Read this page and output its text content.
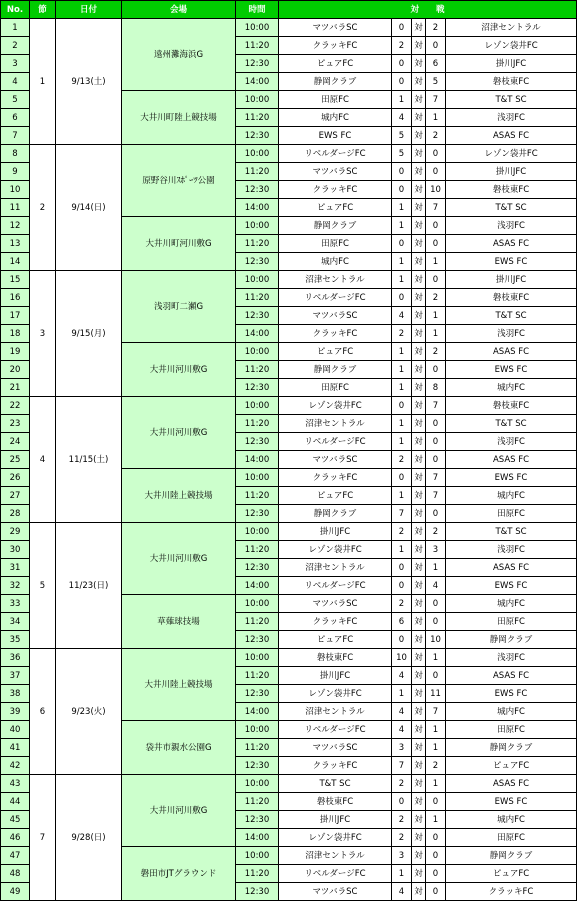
No.	節	日付	会場	時間	対　　戦				
1	1	9/13(土)	遠州灘海浜G	10:00	マツバラSC	0	対	2	沼津セントラル
2				11:20	クラッキFC	2	対	0	レゾン袋井FC
3				12:30	ピュアFC	0	対	6	掛川JFC
4				14:00	静岡クラブ	0	対	5	磐枝東FC
5			大井川町陸上競技場	10:00	田原FC	1	対	7	T&T SC
6				11:20	城内FC	4	対	1	浅羽FC
7				12:30	EWS FC	5	対	2	ASAS FC
8	2	9/14(日)	原野谷川ｽﾎﾟｰﾂ公園	10:00	リベルダージFC	5	対	0	レゾン袋井FC
9				11:20	マツバラSC	0	対	0	掛川JFC
10				12:30	クラッキFC	0	対	10	磐枝東FC
11				14:00	ピュアFC	1	対	7	T&T SC
12			大井川町河川敷G	10:00	静岡クラブ	1	対	0	浅羽FC
13				11:20	田原FC	0	対	0	ASAS FC
14				12:30	城内FC	1	対	1	EWS FC
15	3	9/15(月)	浅羽町二瀬G	10:00	沼津セントラル	1	対	0	掛川JFC
16				11:20	リベルダージFC	0	対	2	磐枝東FC
17				12:30	マツバラSC	4	対	1	T&T SC
18				14:00	クラッキFC	2	対	1	浅羽FC
19			大井川河川敷G	10:00	ピュアFC	1	対	2	ASAS FC
20				11:20	静岡クラブ	1	対	0	EWS FC
21				12:30	田原FC	1	対	8	城内FC
22	4	11/15(土)	大井川河川敷G	10:00	レゾン袋井FC	0	対	7	磐枝東FC
23				11:20	沼津セントラル	1	対	0	T&T SC
24				12:30	リベルダージFC	1	対	0	浅羽FC
25				14:00	マツバラSC	2	対	0	ASAS FC
26			大井川陸上競技場	10:00	クラッキFC	0	対	7	EWS FC
27				11:20	ピュアFC	1	対	7	城内FC
28				12:30	静岡クラブ	7	対	0	田原FC
29	5	11/23(日)	大井川河川敷G	10:00	掛川JFC	2	対	2	T&T SC
30				11:20	レゾン袋井FC	1	対	3	浅羽FC
31				12:30	沼津セントラル	0	対	1	ASAS FC
32				14:00	リベルダージFC	0	対	4	EWS FC
33			草薙球技場	10:00	マツバラSC	2	対	0	城内FC
34				11:20	クラッキFC	6	対	0	田原FC
35				12:30	ピュアFC	0	対	10	静岡クラブ
36	6	9/23(火)	大井川陸上競技場	10:00	磐枝東FC	10	対	1	浅羽FC
37				11:20	掛川JFC	4	対	0	ASAS FC
38				12:30	レゾン袋井FC	1	対	11	EWS FC
39				14:00	沼津セントラル	4	対	7	城内FC
40			袋井市親水公園G	10:00	リベルダージFC	4	対	1	田原FC
41				11:20	マツバラSC	3	対	1	静岡クラブ
42				12:30	クラッキFC	7	対	2	ピュアFC
43	7	9/28(日)	大井川河川敷G	10:00	T&T SC	2	対	1	ASAS FC
44				11:20	磐枝東FC	0	対	0	EWS FC
45				12:30	掛川JFC	2	対	1	城内FC
46				14:00	レゾン袋井FC	2	対	0	田原FC
47			磐田市JTグラウンド	10:00	沼津セントラル	3	対	0	静岡クラブ
48				11:20	リベルダージFC	1	対	0	ピュアFC
49				12:30	マツバラSC	4	対	0	クラッキFC
